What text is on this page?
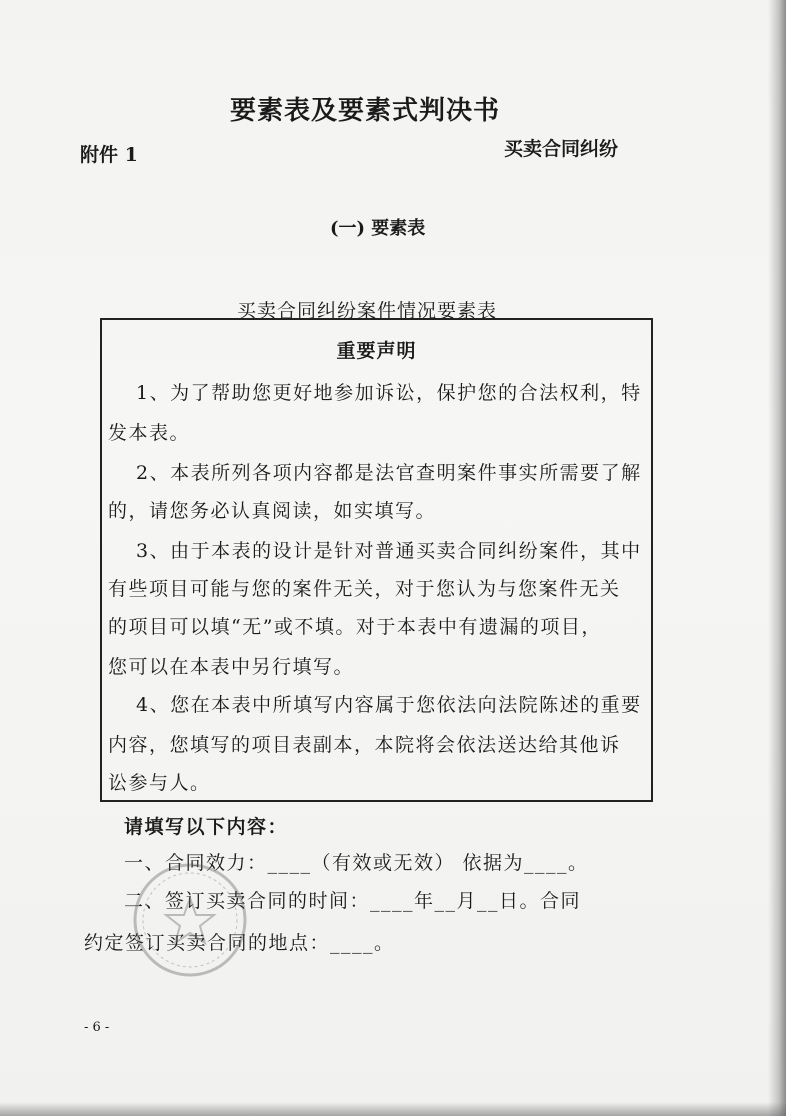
要素表及要素式判决书
附件 1	买卖合同纠纷
(一) 要素表
买卖合同纠纷案件情况要素表
重要声明
1、为了帮助您更好地参加诉讼，保护您的合法权利，特
发本表。
2、本表所列各项内容都是法官查明案件事实所需要了解
的，请您务必认真阅读，如实填写。
3、由于本表的设计是针对普通买卖合同纠纷案件，其中
有些项目可能与您的案件无关，对于您认为与您案件无关
的项目可以填“无”或不填。对于本表中有遗漏的项目，
您可以在本表中另行填写。
4、您在本表中所填写内容属于您依法向法院陈述的重要
内容，您填写的项目表副本，本院将会依法送达给其他诉
讼参与人。
请填写以下内容：
一、合同效力：____（有效或无效） 依据为____。
二、签订买卖合同的时间：____年__月__日。合同
约定签订买卖合同的地点：____。
- 6 -
